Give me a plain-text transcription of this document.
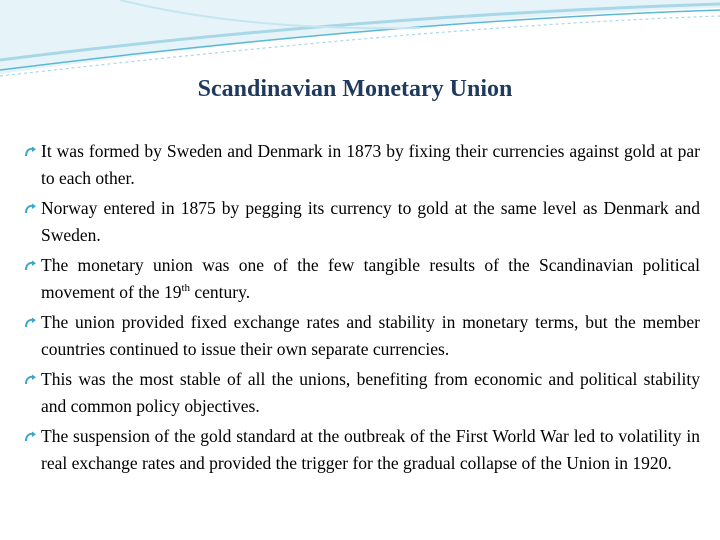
Scandinavian Monetary Union
It was formed by Sweden and Denmark in 1873 by fixing their currencies against gold at par to each other.
Norway entered in 1875 by pegging its currency to gold at the same level as Denmark and Sweden.
The monetary union was one of the few tangible results of the Scandinavian political movement of the 19th century.
The union provided fixed exchange rates and stability in monetary terms, but the member countries continued to issue their own separate currencies.
This was the most stable of all the unions, benefiting from economic and political stability and common policy objectives.
The suspension of the gold standard at the outbreak of the First World War led to volatility in real exchange rates and provided the trigger for the gradual collapse of the Union in 1920.
